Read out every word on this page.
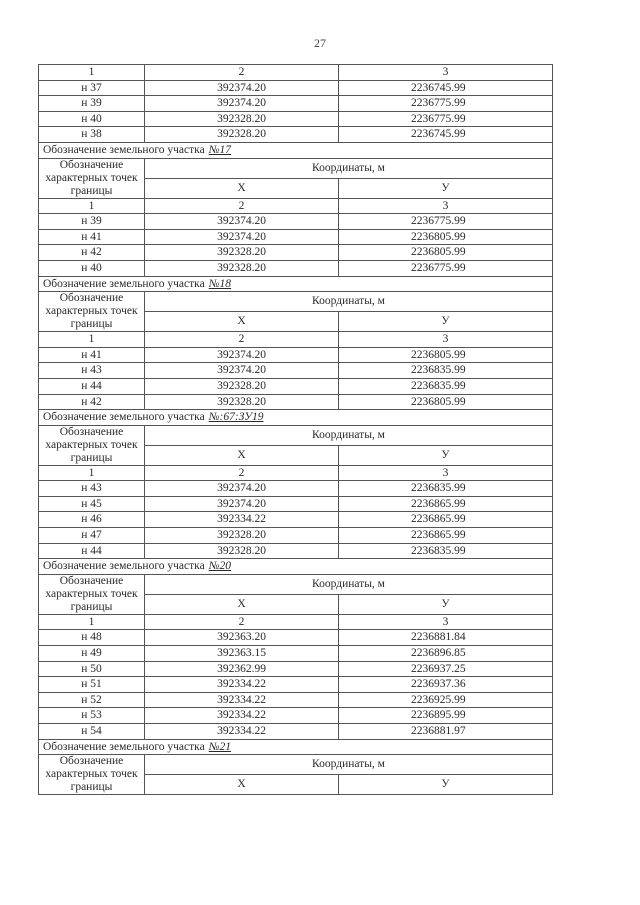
27
1	2	3
н 37	392374.20	2236745.99
н 39	392374.20	2236775.99
н 40	392328.20	2236775.99
н 38	392328.20	2236745.99
Обозначение земельного участка №17		
Обозначение характерных точек границы	Координаты, м	
	Х	У
1	2	3
н 39	392374.20	2236775.99
н 41	392374.20	2236805.99
н 42	392328.20	2236805.99
н 40	392328.20	2236775.99
Обозначение земельного участка №18		
Обозначение характерных точек границы	Координаты, м	
	Х	У
1	2	3
н 41	392374.20	2236805.99
н 43	392374.20	2236835.99
н 44	392328.20	2236835.99
н 42	392328.20	2236805.99
Обозначение земельного участка №:67:ЗУ19		
Обозначение характерных точек границы	Координаты, м	
	Х	У
1	2	3
н 43	392374.20	2236835.99
н 45	392374.20	2236865.99
н 46	392334.22	2236865.99
н 47	392328.20	2236865.99
н 44	392328.20	2236835.99
Обозначение земельного участка №20		
Обозначение характерных точек границы	Координаты, м	
	Х	У
1	2	3
н 48	392363.20	2236881.84
н 49	392363.15	2236896.85
н 50	392362.99	2236937.25
н 51	392334.22	2236937.36
н 52	392334.22	2236925.99
н 53	392334.22	2236895.99
н 54	392334.22	2236881.97
Обозначение земельного участка №21		
Обозначение характерных точек границы	Координаты, м	
	Х	У
